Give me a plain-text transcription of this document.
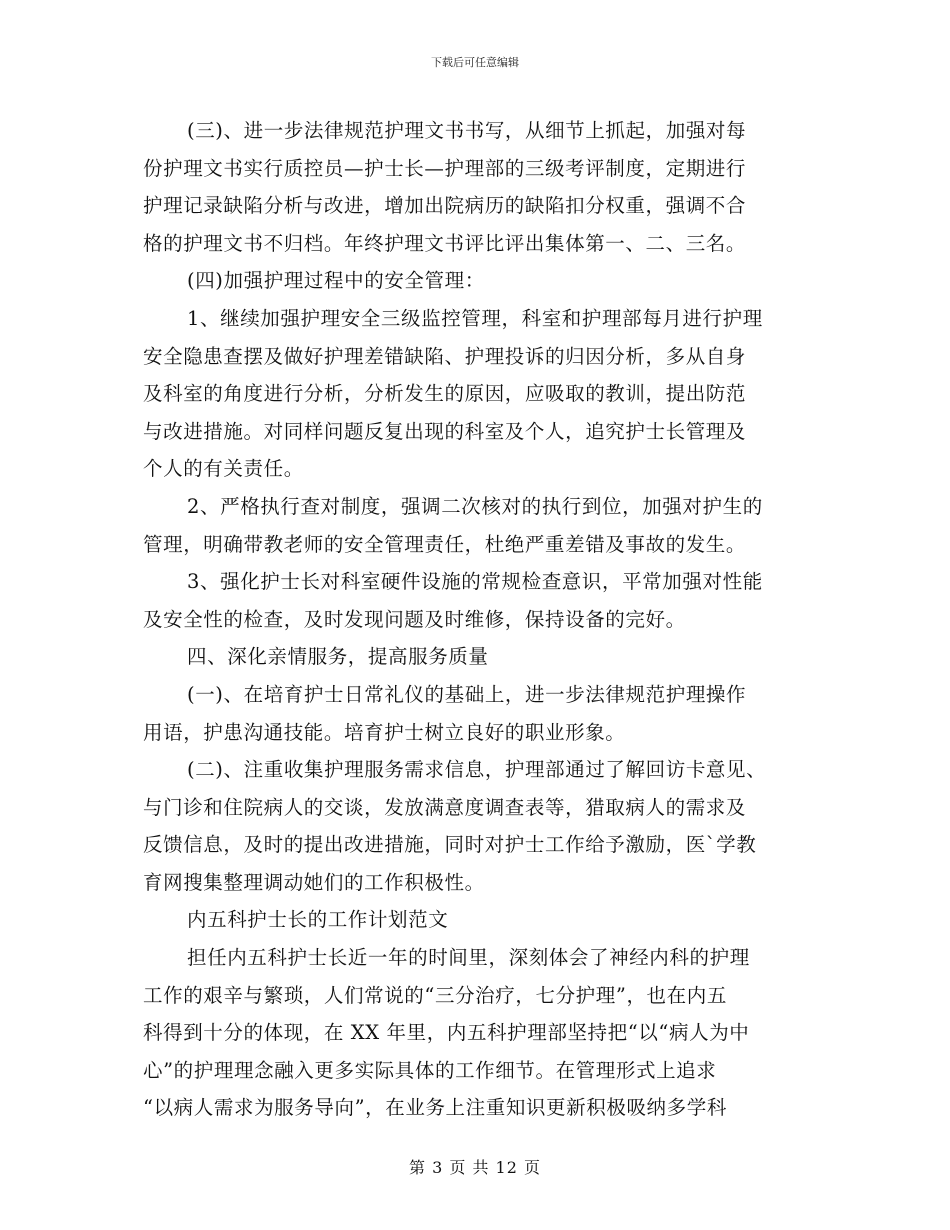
下载后可任意编辑
(三)、进一步法律规范护理文书书写，从细节上抓起，加强对每
份护理文书实行质控员—护士长—护理部的三级考评制度，定期进行
护理记录缺陷分析与改进，增加出院病历的缺陷扣分权重，强调不合
格的护理文书不归档。年终护理文书评比评出集体第一、二、三名。
(四)加强护理过程中的安全管理：
1、继续加强护理安全三级监控管理，科室和护理部每月进行护理
安全隐患查摆及做好护理差错缺陷、护理投诉的归因分析，多从自身
及科室的角度进行分析，分析发生的原因，应吸取的教训，提出防范
与改进措施。对同样问题反复出现的科室及个人，追究护士长管理及
个人的有关责任。
2、严格执行查对制度，强调二次核对的执行到位，加强对护生的
管理，明确带教老师的安全管理责任，杜绝严重差错及事故的发生。
3、强化护士长对科室硬件设施的常规检查意识，平常加强对性能
及安全性的检查，及时发现问题及时维修，保持设备的完好。
四、深化亲情服务，提高服务质量
(一)、在培育护士日常礼仪的基础上，进一步法律规范护理操作
用语，护患沟通技能。培育护士树立良好的职业形象。
(二)、注重收集护理服务需求信息，护理部通过了解回访卡意见、
与门诊和住院病人的交谈，发放满意度调查表等，猎取病人的需求及
反馈信息，及时的提出改进措施，同时对护士工作给予激励，医`学教
育网搜集整理调动她们的工作积极性。
内五科护士长的工作计划范文
担任内五科护士长近一年的时间里，深刻体会了神经内科的护理
工作的艰辛与繁琐，人们常说的“三分治疗，七分护理”，也在内五
科得到十分的体现，在 XX 年里，内五科护理部坚持把“以“病人为中
心”的护理理念融入更多实际具体的工作细节。在管理形式上追求
“以病人需求为服务导向”，在业务上注重知识更新积极吸纳多学科
第 3 页 共 12 页
